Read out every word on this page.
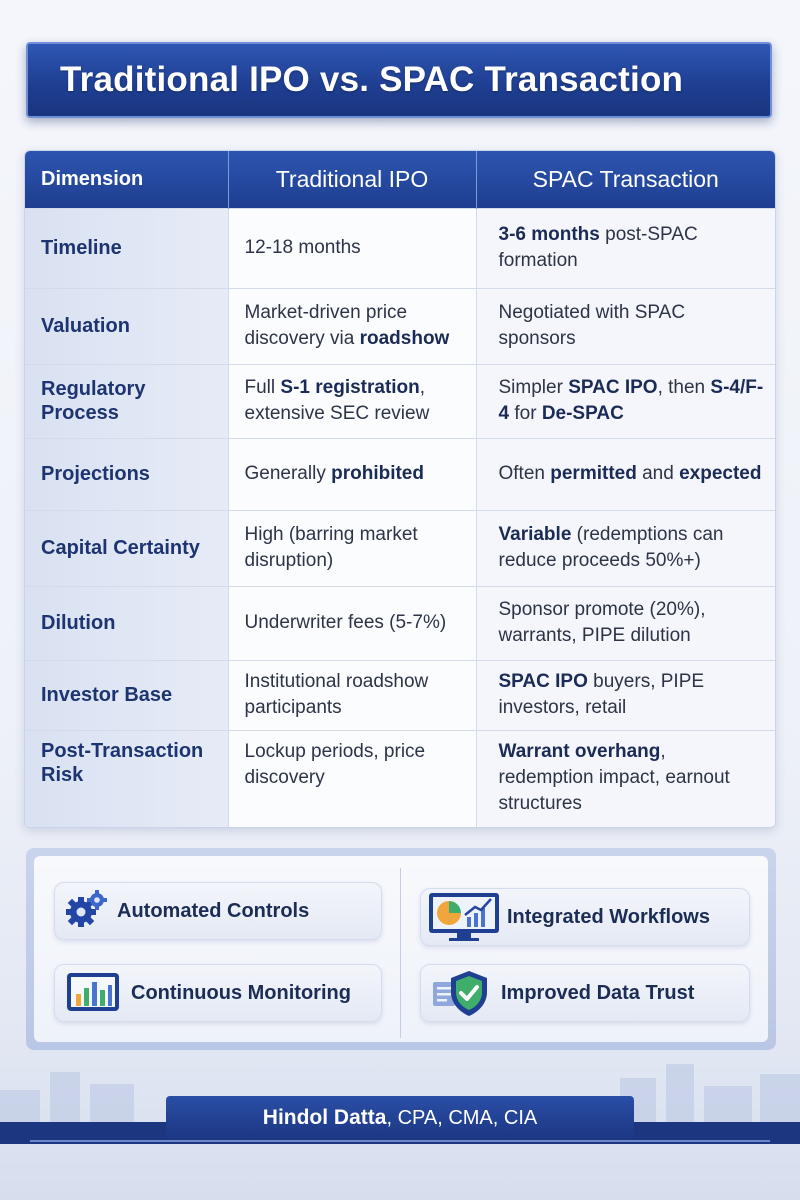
Traditional IPO vs. SPAC Transaction
Dimension	Traditional IPO	SPAC Transaction
Timeline	12-18 months	3-6 months post-SPAC formation
Valuation	Market-driven price discovery via roadshow	Negotiated with SPAC sponsors
Regulatory Process	Full S-1 registration, extensive SEC review	Simpler SPAC IPO, then S-4/F-4 for De-SPAC
Projections	Generally prohibited	Often permitted and expected
Capital Certainty	High (barring market disruption)	Variable (redemptions can reduce proceeds 50%+)
Dilution	Underwriter fees (5-7%)	Sponsor promote (20%), warrants, PIPE dilution
Investor Base	Institutional roadshow participants	SPAC IPO buyers, PIPE investors, retail
Post-Transaction Risk	Lockup periods, price discovery	Warrant overhang, redemption impact, earnout structures
Automated Controls	Integrated Workflows
Continuous Monitoring	Improved Data Trust
Hindol Datta , CPA, CMA, CIA
